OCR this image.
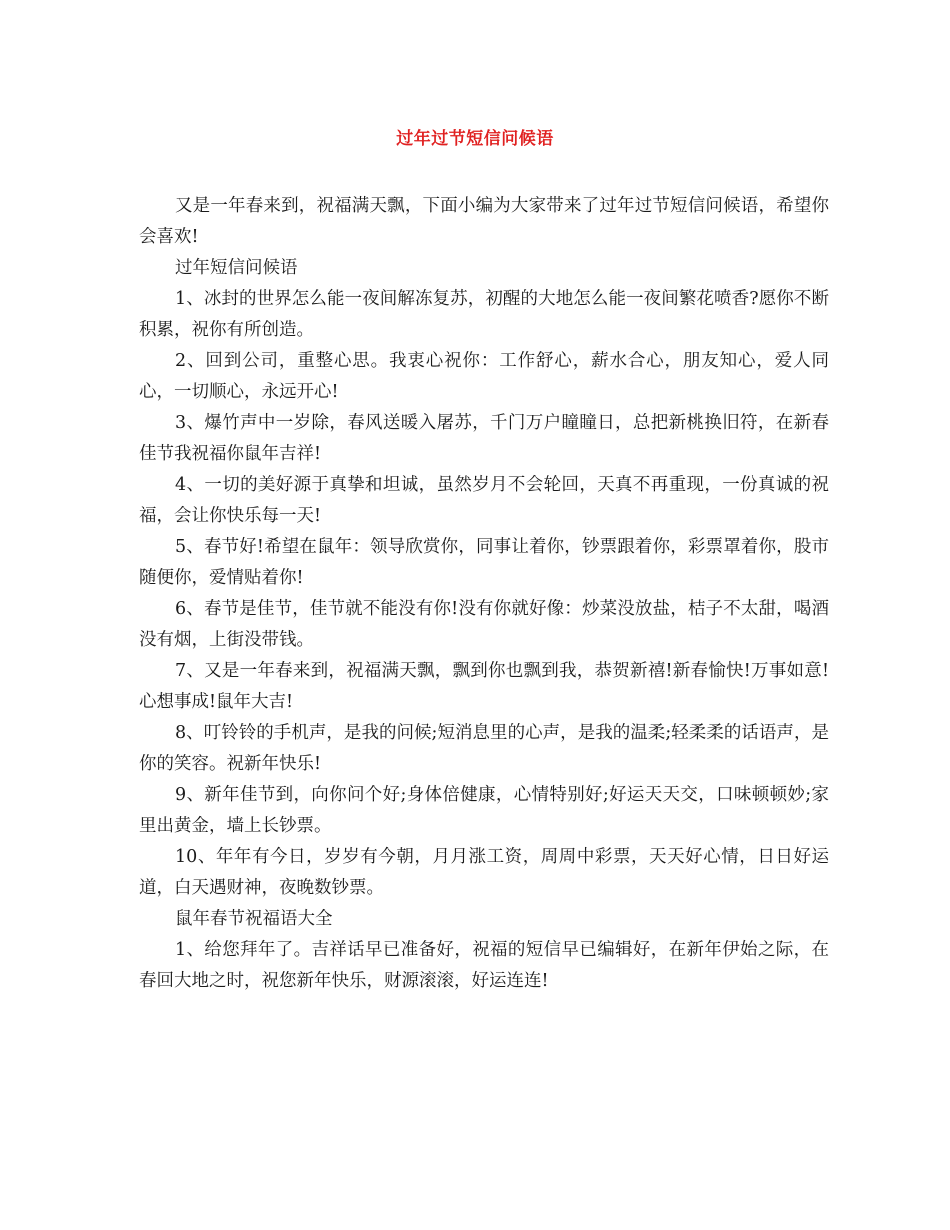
过年过节短信问候语

又是一年春来到，祝福满天飘，下面小编为大家带来了过年过节短信问候语，希望你会喜欢!

过年短信问候语

1、冰封的世界怎么能一夜间解冻复苏，初醒的大地怎么能一夜间繁花喷香?愿你不断积累，祝你有所创造。

2、回到公司，重整心思。我衷心祝你：工作舒心，薪水合心，朋友知心，爱人同心，一切顺心，永远开心!

3、爆竹声中一岁除，春风送暖入屠苏，千门万户瞳瞳日，总把新桃换旧符，在新春佳节我祝福你鼠年吉祥!

4、一切的美好源于真挚和坦诚，虽然岁月不会轮回，天真不再重现，一份真诚的祝福，会让你快乐每一天!

5、春节好!希望在鼠年：领导欣赏你，同事让着你，钞票跟着你，彩票罩着你，股市随便你，爱情贴着你!

6、春节是佳节，佳节就不能没有你!没有你就好像：炒菜没放盐，桔子不太甜，喝酒没有烟，上街没带钱。

7、又是一年春来到，祝福满天飘，飘到你也飘到我，恭贺新禧!新春愉快!万事如意!心想事成!鼠年大吉!

8、叮铃铃的手机声，是我的问候;短消息里的心声，是我的温柔;轻柔柔的话语声，是你的笑容。祝新年快乐!

9、新年佳节到，向你问个好;身体倍健康，心情特别好;好运天天交，口味顿顿妙;家里出黄金，墙上长钞票。

10、年年有今日，岁岁有今朝，月月涨工资，周周中彩票，天天好心情，日日好运道，白天遇财神，夜晚数钞票。

鼠年春节祝福语大全

1、给您拜年了。吉祥话早已准备好，祝福的短信早已编辑好，在新年伊始之际，在春回大地之时，祝您新年快乐，财源滚滚，好运连连!
